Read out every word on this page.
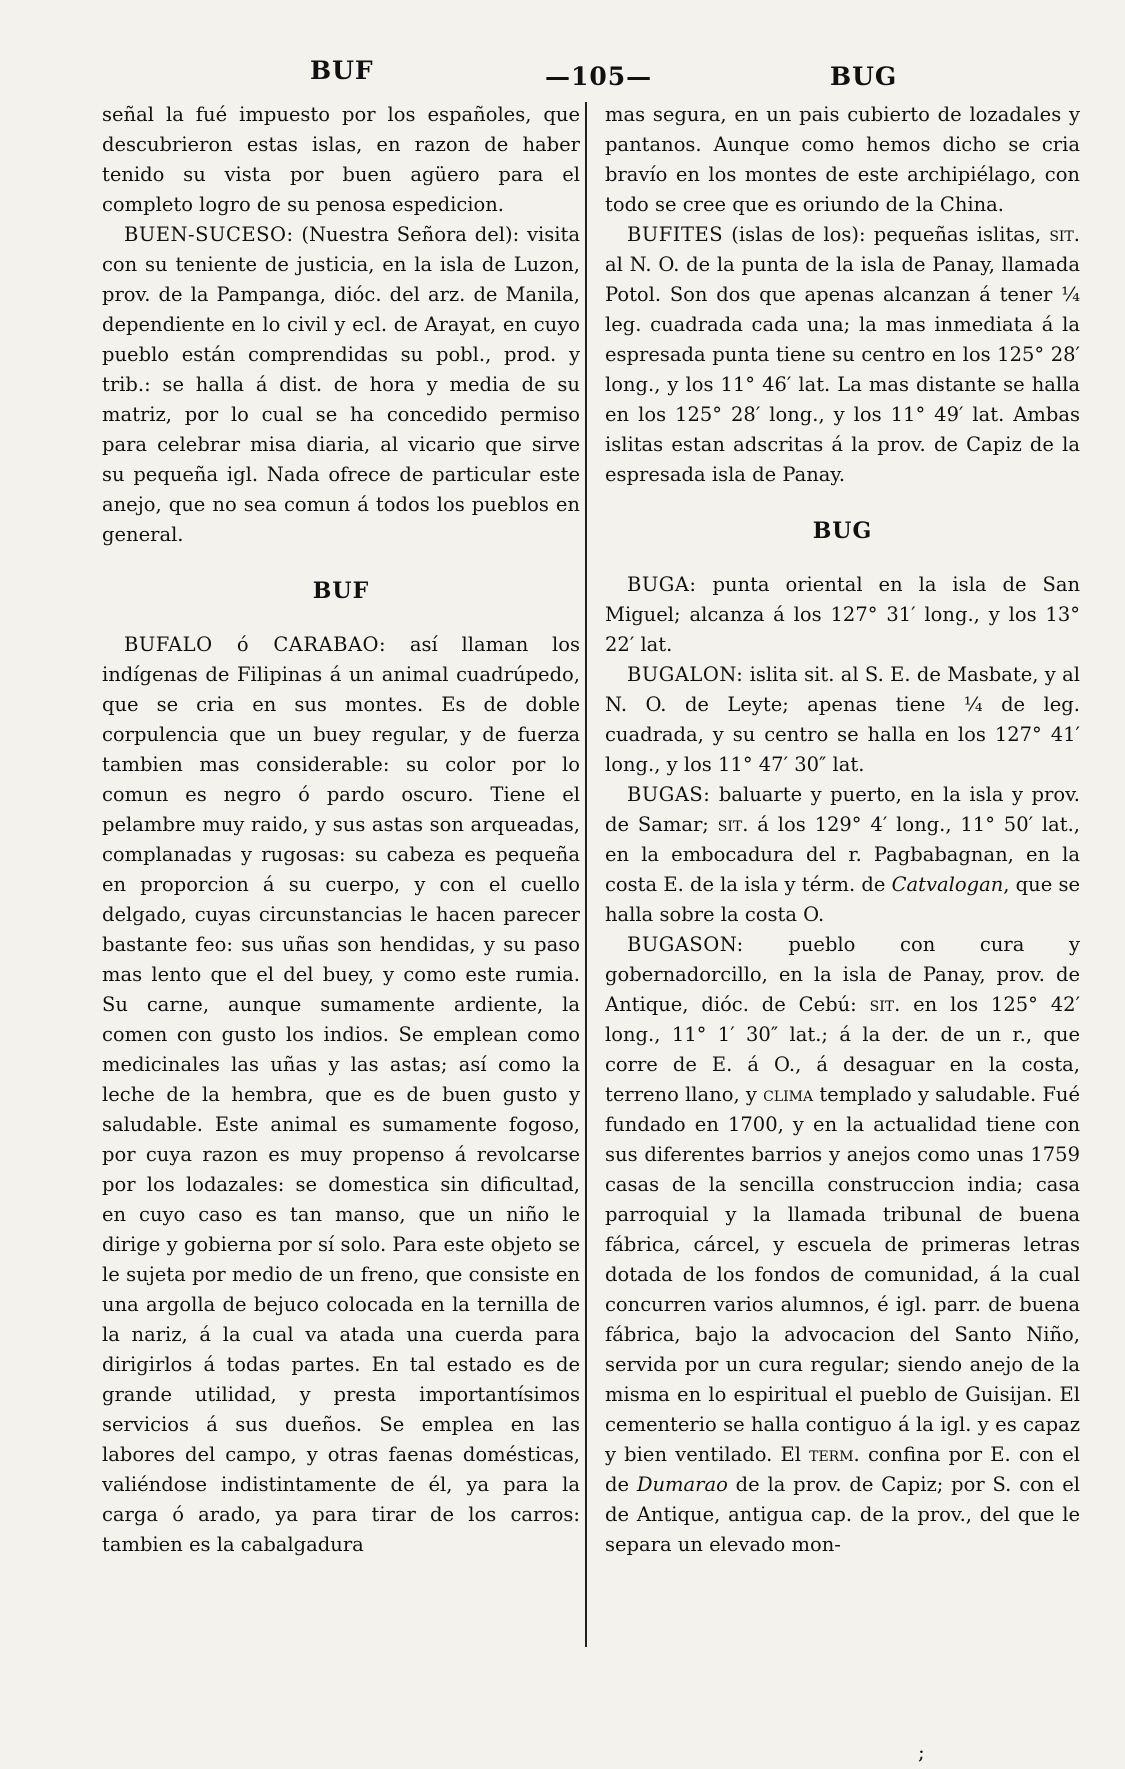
BUF	—105—	BUG

señal la fué impuesto por los españoles, que descubrieron estas islas, en razon de haber tenido su vista por buen agüero para el completo logro de su penosa espedicion.

BUEN-SUCESO: (Nuestra Señora del): visita con su teniente de justicia, en la isla de Luzon, prov. de la Pampanga, dióc. del arz. de Manila, dependiente en lo civil y ecl. de Arayat, en cuyo pueblo están comprendidas su pobl., prod. y trib.: se halla á dist. de hora y media de su matriz, por lo cual se ha concedido permiso para celebrar misa diaria, al vicario que sirve su pequeña igl. Nada ofrece de particular este anejo, que no sea comun á todos los pueblos en general.

BUF

BUFALO ó CARABAO: así llaman los indígenas de Filipinas á un animal cuadrúpedo, que se cria en sus montes. Es de doble corpulencia que un buey regular, y de fuerza tambien mas considerable: su color por lo comun es negro ó pardo oscuro. Tiene el pelambre muy raido, y sus astas son arqueadas, complanadas y rugosas: su cabeza es pequeña en proporcion á su cuerpo, y con el cuello delgado, cuyas circunstancias le hacen parecer bastante feo: sus uñas son hendidas, y su paso mas lento que el del buey, y como este rumia. Su carne, aunque sumamente ardiente, la comen con gusto los indios. Se emplean como medicinales las uñas y las astas; así como la leche de la hembra, que es de buen gusto y saludable. Este animal es sumamente fogoso, por cuya razon es muy propenso á revolcarse por los lodazales: se domestica sin dificultad, en cuyo caso es tan manso, que un niño le dirige y gobierna por sí solo. Para este objeto se le sujeta por medio de un freno, que consiste en una argolla de bejuco colocada en la ternilla de la nariz, á la cual va atada una cuerda para dirigirlos á todas partes. En tal estado es de grande utilidad, y presta importantísimos servicios á sus dueños. Se emplea en las labores del campo, y otras faenas domésticas, valiéndose indistintamente de él, ya para la carga ó arado, ya para tirar de los carros: tambien es la cabalgadura

mas segura, en un pais cubierto de lozadales y pantanos. Aunque como hemos dicho se cria bravío en los montes de este archipiélago, con todo se cree que es oriundo de la China.

BUFITES (islas de los): pequeñas islitas, sit. al N. O. de la punta de la isla de Panay, llamada Potol. Son dos que apenas alcanzan á tener ¼ leg. cuadrada cada una; la mas inmediata á la espresada punta tiene su centro en los 125° 28′ long., y los 11° 46′ lat. La mas distante se halla en los 125° 28′ long., y los 11° 49′ lat. Ambas islitas estan adscritas á la prov. de Capiz de la espresada isla de Panay.

BUG

BUGA: punta oriental en la isla de San Miguel; alcanza á los 127° 31′ long., y los 13° 22′ lat.

BUGALON: islita sit. al S. E. de Masbate, y al N. O. de Leyte; apenas tiene ¼ de leg. cuadrada, y su centro se halla en los 127° 41′ long., y los 11° 47′ 30″ lat.

BUGAS: baluarte y puerto, en la isla y prov. de Samar; sit. á los 129° 4′ long., 11° 50′ lat., en la embocadura del r. Pagbabagnan, en la costa E. de la isla y térm. de Catvalogan, que se halla sobre la costa O.

BUGASON: pueblo con cura y gobernadorcillo, en la isla de Panay, prov. de Antique, dióc. de Cebú: sit. en los 125° 42′ long., 11° 1′ 30″ lat.; á la der. de un r., que corre de E. á O., á desaguar en la costa, terreno llano, y clima templado y saludable. Fué fundado en 1700, y en la actualidad tiene con sus diferentes barrios y anejos como unas 1759 casas de la sencilla construccion india; casa parroquial y la llamada tribunal de buena fábrica, cárcel, y escuela de primeras letras dotada de los fondos de comunidad, á la cual concurren varios alumnos, é igl. parr. de buena fábrica, bajo la advocacion del Santo Niño, servida por un cura regular; siendo anejo de la misma en lo espiritual el pueblo de Guisijan. El cementerio se halla contiguo á la igl. y es capaz y bien ventilado. El term. confina por E. con el de Dumarao de la prov. de Capiz; por S. con el de Antique, antigua cap. de la prov., del que le separa un elevado mon-

;
